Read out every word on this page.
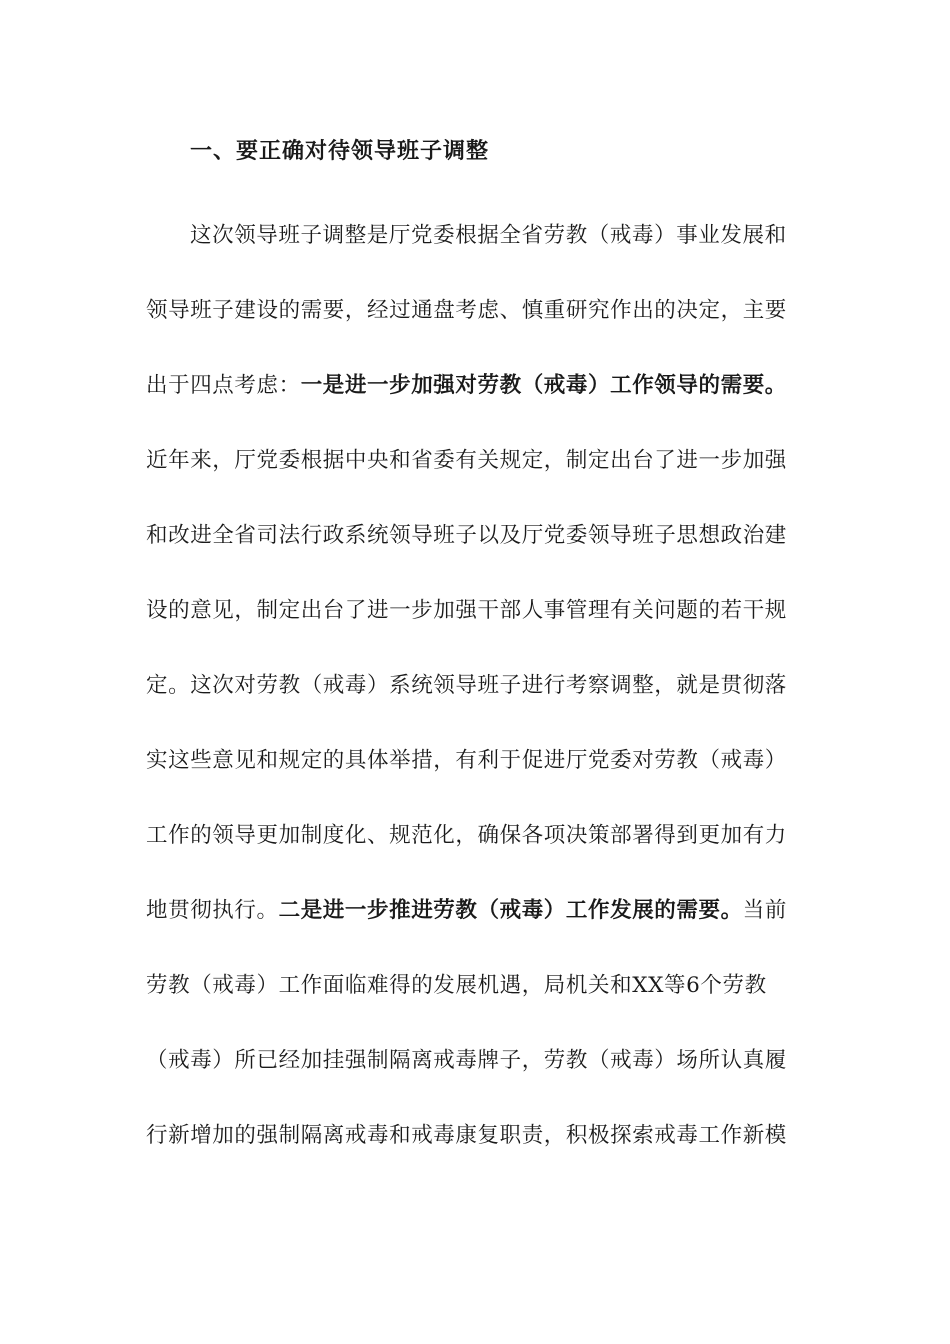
一、要正确对待领导班子调整
这次领导班子调整是厅党委根据全省劳教（戒毒）事业发展和
领导班子建设的需要，经过通盘考虑、慎重研究作出的决定，主要
出于四点考虑：一是进一步加强对劳教（戒毒）工作领导的需要。
近年来，厅党委根据中央和省委有关规定，制定出台了进一步加强
和改进全省司法行政系统领导班子以及厅党委领导班子思想政治建
设的意见，制定出台了进一步加强干部人事管理有关问题的若干规
定。这次对劳教（戒毒）系统领导班子进行考察调整，就是贯彻落
实这些意见和规定的具体举措，有利于促进厅党委对劳教（戒毒）
工作的领导更加制度化、规范化，确保各项决策部署得到更加有力
地贯彻执行。二是进一步推进劳教（戒毒）工作发展的需要。当前
劳教（戒毒）工作面临难得的发展机遇，局机关和XX等6个劳教
（戒毒）所已经加挂强制隔离戒毒牌子，劳教（戒毒）场所认真履
行新增加的强制隔离戒毒和戒毒康复职责，积极探索戒毒工作新模
